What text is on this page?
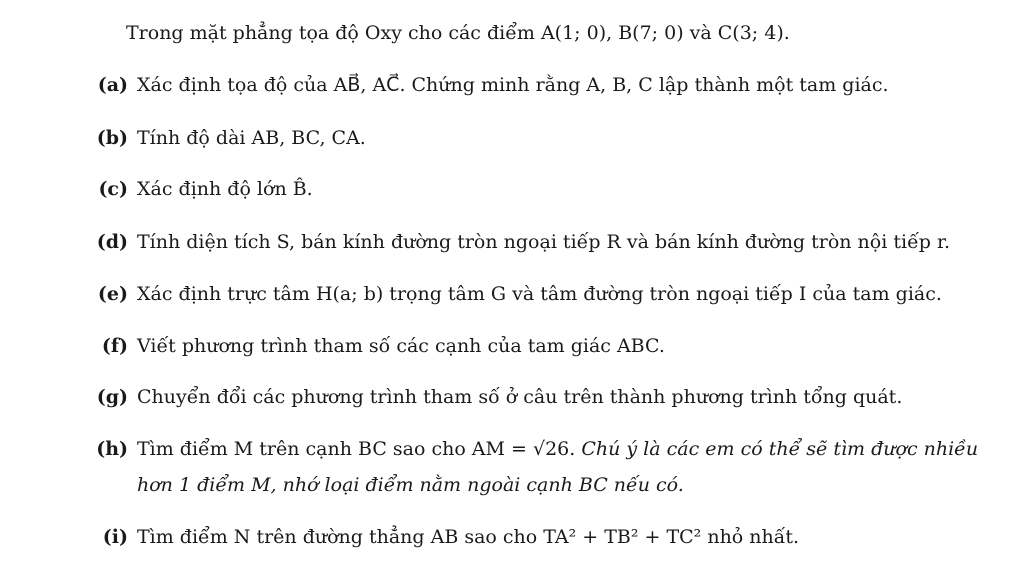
Trong mặt phẳng tọa độ Oxy cho các điểm A(1; 0), B(7; 0) và C(3; 4).
(a) Xác định tọa độ của AB⃗, AC⃗. Chứng minh rằng A, B, C lập thành một tam giác.
(b) Tính độ dài AB, BC, CA.
(c) Xác định độ lớn B̂.
(d) Tính diện tích S, bán kính đường tròn ngoại tiếp R và bán kính đường tròn nội tiếp r.
(e) Xác định trực tâm H(a; b) trọng tâm G và tâm đường tròn ngoại tiếp I của tam giác.
(f) Viết phương trình tham số các cạnh của tam giác ABC.
(g) Chuyển đổi các phương trình tham số ở câu trên thành phương trình tổng quát.
(h) Tìm điểm M trên cạnh BC sao cho AM = √26. Chú ý là các em có thể sẽ tìm được nhiều hơn 1 điểm M, nhớ loại điểm nằm ngoài cạnh BC nếu có.
(i) Tìm điểm N trên đường thẳng AB sao cho TA² + TB² + TC² nhỏ nhất.
